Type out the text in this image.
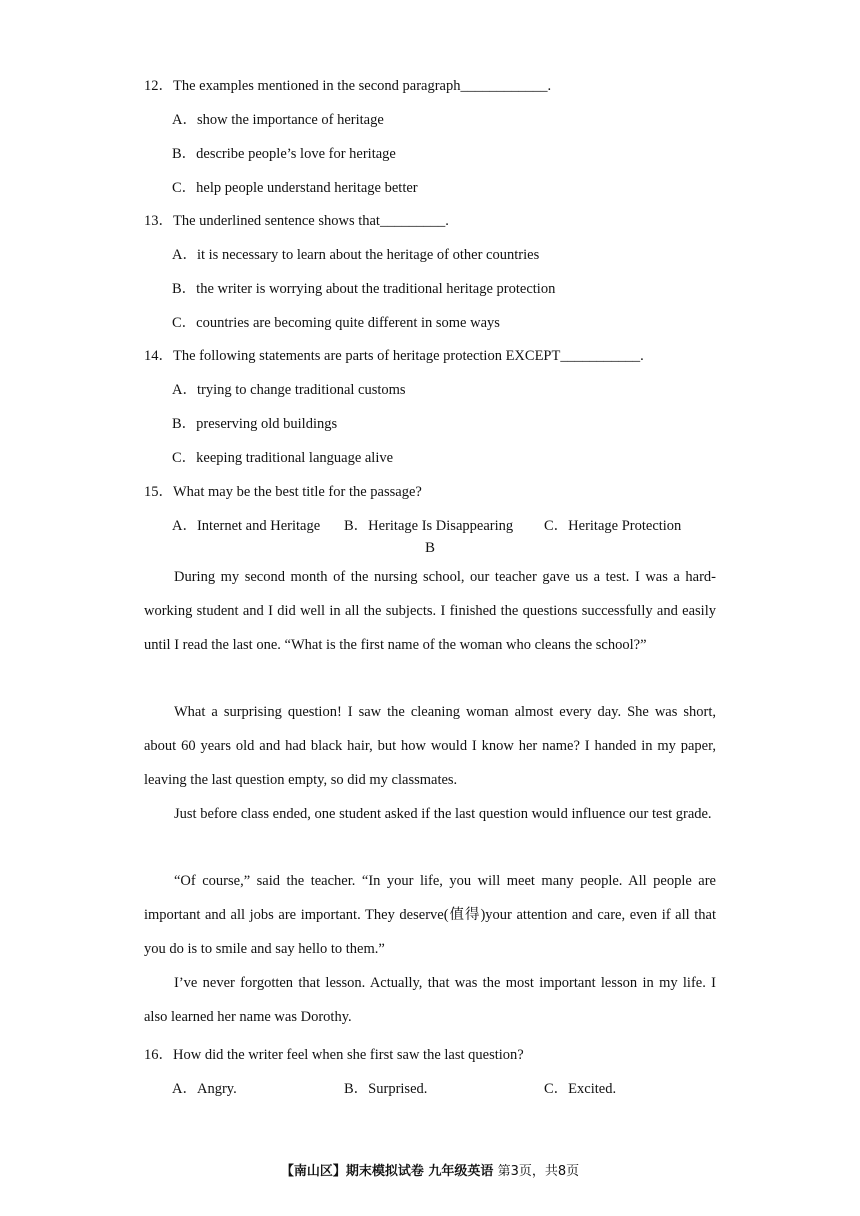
12．The examples mentioned in the second paragraph____________.
A．show the importance of heritage
B．describe people’s love for heritage
C．help people understand heritage better
13．The underlined sentence shows that_________.
A．it is necessary to learn about the heritage of other countries
B．the writer is worrying about the traditional heritage protection
C．countries are becoming quite different in some ways
14．The following statements are parts of heritage protection EXCEPT___________.
A．trying to change traditional customs
B．preserving old buildings
C．keeping traditional language alive
15．What may be the best title for the passage?
A．Internet and Heritage B．Heritage Is Disappearing C．Heritage Protection
B
During my second month of the nursing school, our teacher gave us a test. I was a hard-working student and I did well in all the subjects. I finished the questions successfully and easily until I read the last one. “What is the first name of the woman who cleans the school?”
What a surprising question! I saw the cleaning woman almost every day. She was short, about 60 years old and had black hair, but how would I know her name? I handed in my paper, leaving the last question empty, so did my classmates.
Just before class ended, one student asked if the last question would influence our test grade.
“Of course,” said the teacher. “In your life, you will meet many people. All people are important and all jobs are important. They deserve(值得)your attention and care, even if all that you do is to smile and say hello to them.”
I’ve never forgotten that lesson. Actually, that was the most important lesson in my life. I also learned her name was Dorothy.
16．How did the writer feel when she first saw the last question?
A．Angry.	B．Surprised.	C．Excited.
【南山区】期末模拟试卷 九年级英语 第3页，共8页
